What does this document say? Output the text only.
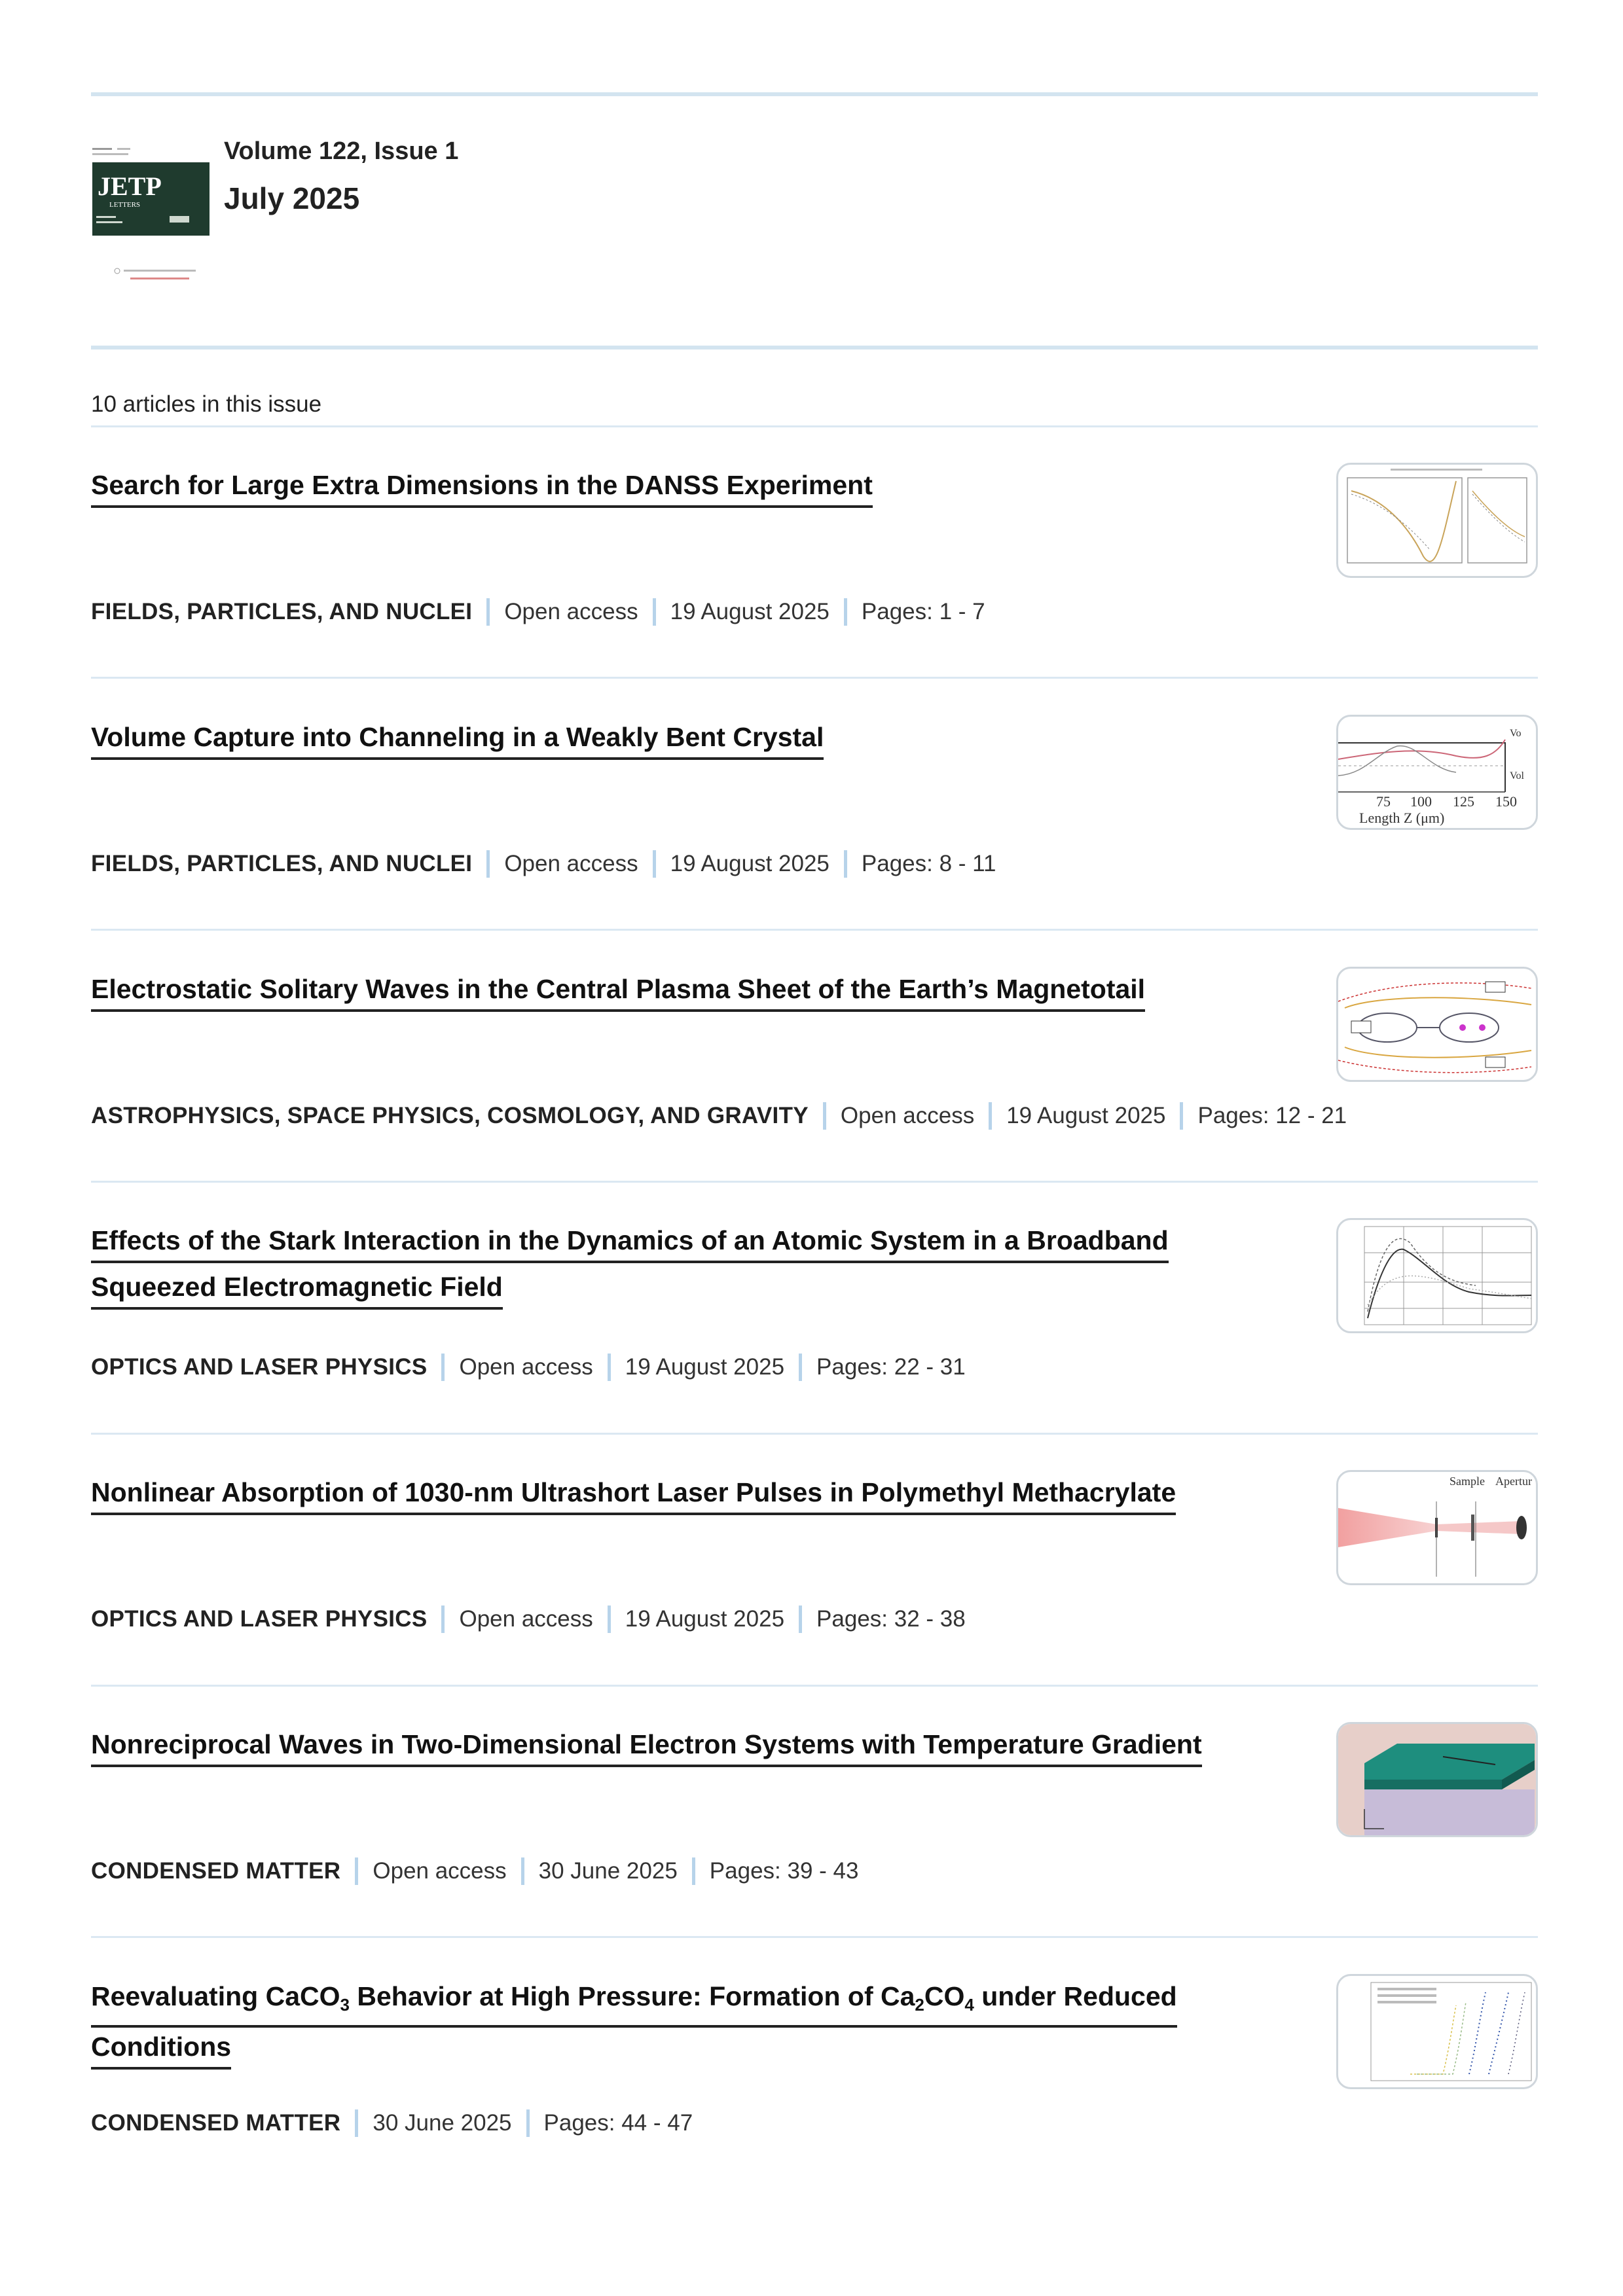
JETP
LETTERS
Volume 122, Issue 1
July 2025
10 articles in this issue
Search for Large Extra Dimensions in the DANSS Experiment
FIELDS, PARTICLES, AND NUCLEI Open access 19 August 2025 Pages: 1 - 7
Volume Capture into Channeling in a Weakly Bent Crystal
FIELDS, PARTICLES, AND NUCLEI Open access 19 August 2025 Pages: 8 - 11
Vo
Vol
75 100 125 150
Length Z (μm)
Electrostatic Solitary Waves in the Central Plasma Sheet of the Earth’s Magnetotail
ASTROPHYSICS, SPACE PHYSICS, COSMOLOGY, AND GRAVITY Open access 19 August 2025 Pages: 12 - 21
Effects of the Stark Interaction in the Dynamics of an Atomic System in a Broadband
Squeezed Electromagnetic Field
OPTICS AND LASER PHYSICS Open access 19 August 2025 Pages: 22 - 31
Nonlinear Absorption of 1030-nm Ultrashort Laser Pulses in Polymethyl Methacrylate
OPTICS AND LASER PHYSICS Open access 19 August 2025 Pages: 32 - 38
Sample Apertur
Nonreciprocal Waves in Two-Dimensional Electron Systems with Temperature Gradient
CONDENSED MATTER Open access 30 June 2025 Pages: 39 - 43
Reevaluating CaCO$_3$ Behavior at High Pressure: Formation of $Ca_2CO_4$ under Reduced
Conditions
CONDENSED MATTER 30 June 2025 Pages: 44 - 47
